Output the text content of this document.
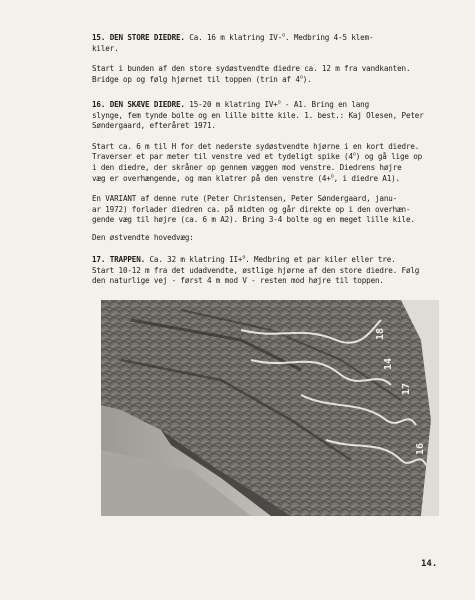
15. DEN STORE DIEDRE. Ca. 16 m klatring IV-$^o$. Medbring 4-5 klem-

kiler.

Start i bunden af den store sydøstvendte diedre ca. 12 m fra vandkanten.
Bridge op og følg hjørnet til toppen (trin af 4$^o$).

16. DEN SKÆVE DIEDRE. 15-20 m klatring IV+$^o$ - A1. Bring en lang

slynge, fem tynde bolte og en lille bitte kile. 1. best.: Kaj Olesen, Peter

Søndergaard, efteråret 1971.

Start ca. 6 m til H for det nederste sydøstvendte hjørne i en kort diedre.
Traverser et par meter til venstre ved et tydeligt spike (4$^o$) og gå lige op
i den diedre, der skråner op gennem væggen mod venstre. Diedrens højre
væg er overhængende, og man klatrer på den venstre (4+$^o$, i diedre A1).

En VARIANT af denne rute (Peter Christensen, Peter Søndergaard, janu-
ar 1972) forlader diedren ca. på midten og går direkte op i den overhæn-
gende væg til højre (ca. 6 m A2). Bring 3-4 bolte og en meget lille kile.

Den østvendte hovedvæg:

17. TRAPPEN. Ca. 32 m klatring II+$^o$. Medbring et par kiler eller tre.

Start 10-12 m fra det udadvendte, østlige hjørne af den store diedre. Følg

den naturlige vej - først 4 m mod V - resten mod højre til toppen.

18
14
17
16
14.
